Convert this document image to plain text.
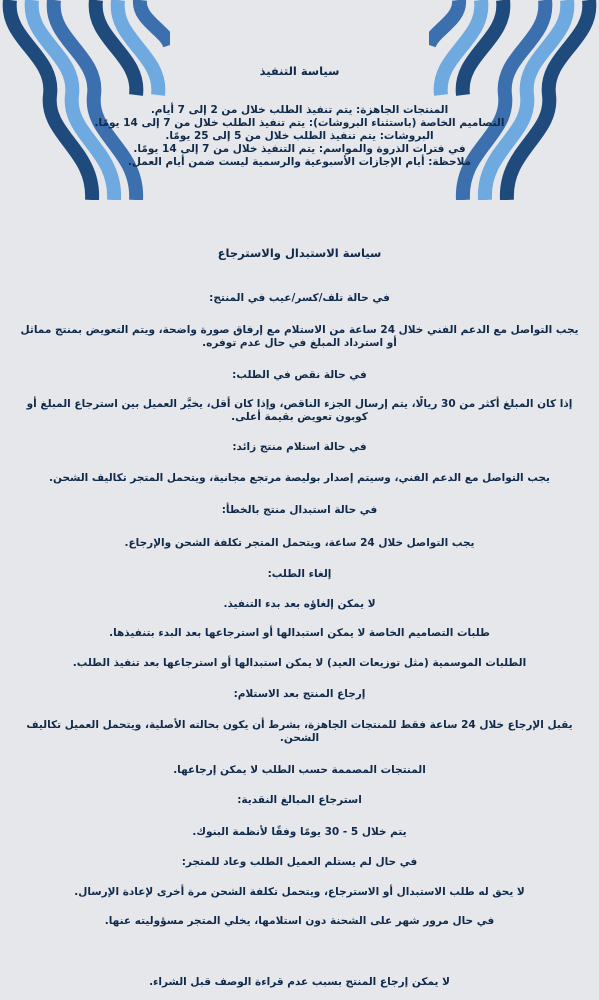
سياسة التنفيذ
المنتجات الجاهزة: يتم تنفيذ الطلب خلال من 2 إلى 7 أيام.
التصاميم الخاصة (باستثناء البروشات): يتم تنفيذ الطلب خلال من 7 إلى 14 يومًا.
البروشات: يتم تنفيذ الطلب خلال من 5 إلى 25 يومًا.
في فترات الذروة والمواسم: يتم التنفيذ خلال من 7 إلى 14 يومًا.
ملاحظة: أيام الإجازات الأسبوعية والرسمية ليست ضمن أيام العمل.
سياسة الاستبدال والاسترجاع
في حالة تلف/كسر/عيب في المنتج:
يجب التواصل مع الدعم الفني خلال 24 ساعة من الاستلام مع إرفاق صورة واضحة، ويتم التعويض بمنتج مماثل أو استرداد المبلغ في حال عدم توفره.
في حالة نقص في الطلب:
إذا كان المبلغ أكثر من 30 ريالًا، يتم إرسال الجزء الناقص، وإذا كان أقل، يخيَّر العميل بين استرجاع المبلغ أو كوبون تعويض بقيمة أعلى.
في حالة استلام منتج زائد:
يجب التواصل مع الدعم الفني، وسيتم إصدار بوليصة مرتجع مجانية، ويتحمل المتجر تكاليف الشحن.
في حالة استبدال منتج بالخطأ:
يجب التواصل خلال 24 ساعة، ويتحمل المتجر تكلفة الشحن والإرجاع.
إلغاء الطلب:
لا يمكن إلغاؤه بعد بدء التنفيذ.
طلبات التصاميم الخاصة لا يمكن استبدالها أو استرجاعها بعد البدء بتنفيذها.
الطلبات الموسمية (مثل توزيعات العيد) لا يمكن استبدالها أو استرجاعها بعد تنفيذ الطلب.
إرجاع المنتج بعد الاستلام:
يقبل الإرجاع خلال 24 ساعة فقط للمنتجات الجاهزة، بشرط أن يكون بحالته الأصلية، ويتحمل العميل تكاليف الشحن.
المنتجات المصممة حسب الطلب لا يمكن إرجاعها.
استرجاع المبالغ النقدية:
يتم خلال 5 - 30 يومًا وفقًا لأنظمة البنوك.
في حال لم يستلم العميل الطلب وعاد للمتجر:
لا يحق له طلب الاستبدال أو الاسترجاع، ويتحمل تكلفة الشحن مرة أخرى لإعادة الإرسال.
في حال مرور شهر على الشحنة دون استلامها، يخلي المتجر مسؤوليته عنها.
لا يمكن إرجاع المنتج بسبب عدم قراءة الوصف قبل الشراء.
